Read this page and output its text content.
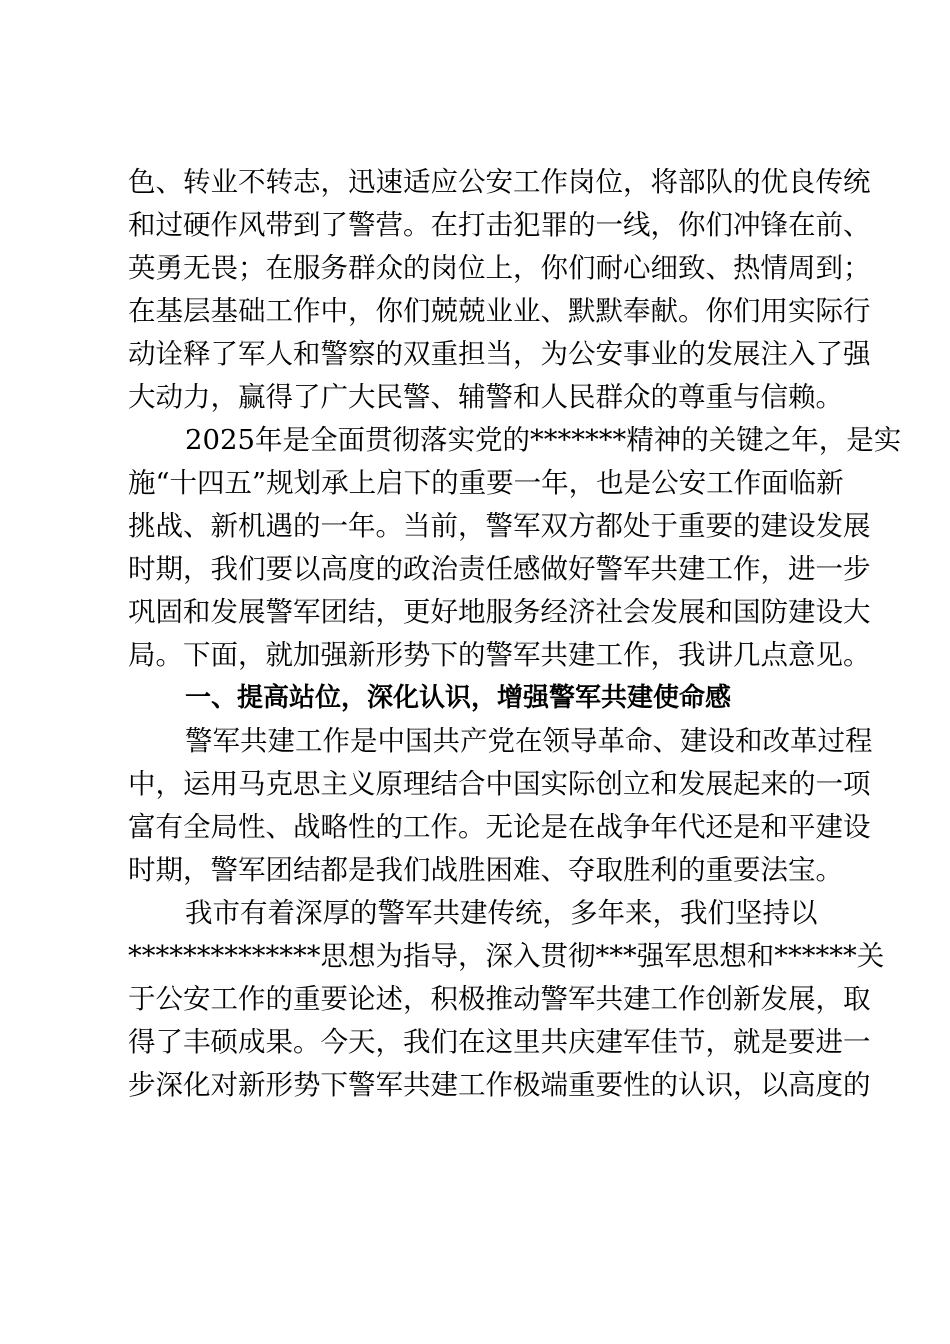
色、转业不转志，迅速适应公安工作岗位，将部队的优良传统
和过硬作风带到了警营。在打击犯罪的一线，你们冲锋在前、
英勇无畏；在服务群众的岗位上，你们耐心细致、热情周到；
在基层基础工作中，你们兢兢业业、默默奉献。你们用实际行
动诠释了军人和警察的双重担当，为公安事业的发展注入了强
大动力，赢得了广大民警、辅警和人民群众的尊重与信赖。
2025年是全面贯彻落实党的*******精神的关键之年，是实
施“十四五”规划承上启下的重要一年，也是公安工作面临新
挑战、新机遇的一年。当前，警军双方都处于重要的建设发展
时期，我们要以高度的政治责任感做好警军共建工作，进一步
巩固和发展警军团结，更好地服务经济社会发展和国防建设大
局。下面，就加强新形势下的警军共建工作，我讲几点意见。
一、提高站位，深化认识，增强警军共建使命感
警军共建工作是中国共产党在领导革命、建设和改革过程
中，运用马克思主义原理结合中国实际创立和发展起来的一项
富有全局性、战略性的工作。无论是在战争年代还是和平建设
时期，警军团结都是我们战胜困难、夺取胜利的重要法宝。
我市有着深厚的警军共建传统，多年来，我们坚持以
**************思想为指导，深入贯彻***强军思想和******关
于公安工作的重要论述，积极推动警军共建工作创新发展，取
得了丰硕成果。今天，我们在这里共庆建军佳节，就是要进一
步深化对新形势下警军共建工作极端重要性的认识，以高度的
